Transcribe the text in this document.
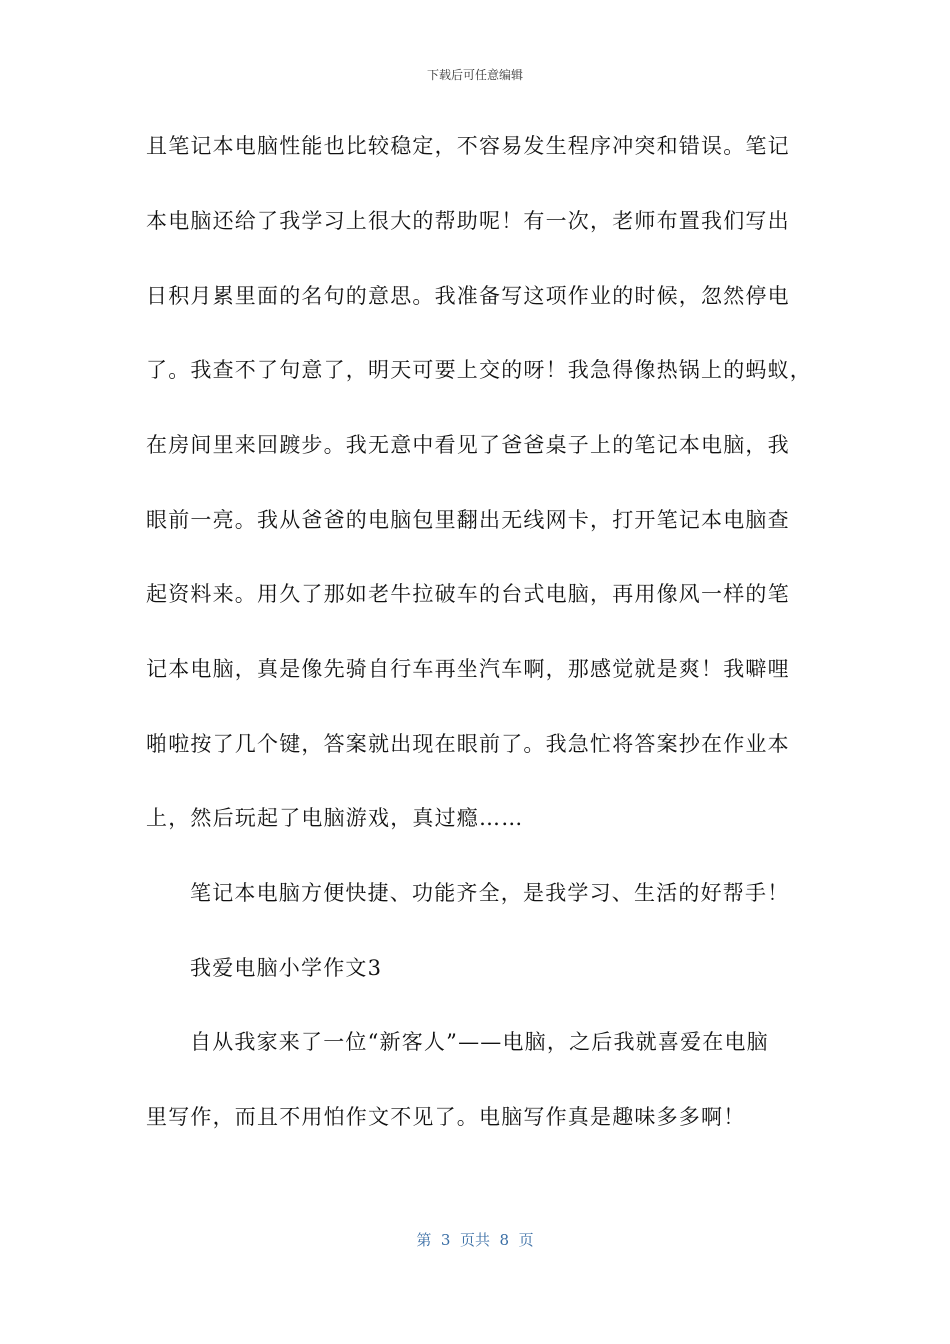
下载后可任意编辑
且笔记本电脑性能也比较稳定，不容易发生程序冲突和错误。笔记
本电脑还给了我学习上很大的帮助呢！有一次，老师布置我们写出
日积月累里面的名句的意思。我准备写这项作业的时候，忽然停电
了。我查不了句意了，明天可要上交的呀！我急得像热锅上的蚂蚁，
在房间里来回踱步。我无意中看见了爸爸桌子上的笔记本电脑，我
眼前一亮。我从爸爸的电脑包里翻出无线网卡，打开笔记本电脑查
起资料来。用久了那如老牛拉破车的台式电脑，再用像风一样的笔
记本电脑，真是像先骑自行车再坐汽车啊，那感觉就是爽！我噼哩
啪啦按了几个键，答案就出现在眼前了。我急忙将答案抄在作业本
上，然后玩起了电脑游戏，真过瘾……
笔记本电脑方便快捷、功能齐全，是我学习、生活的好帮手！
我爱电脑小学作文3
自从我家来了一位“新客人”——电脑，之后我就喜爱在电脑
里写作，而且不用怕作文不见了。电脑写作真是趣味多多啊！
第  3  页共  8  页
